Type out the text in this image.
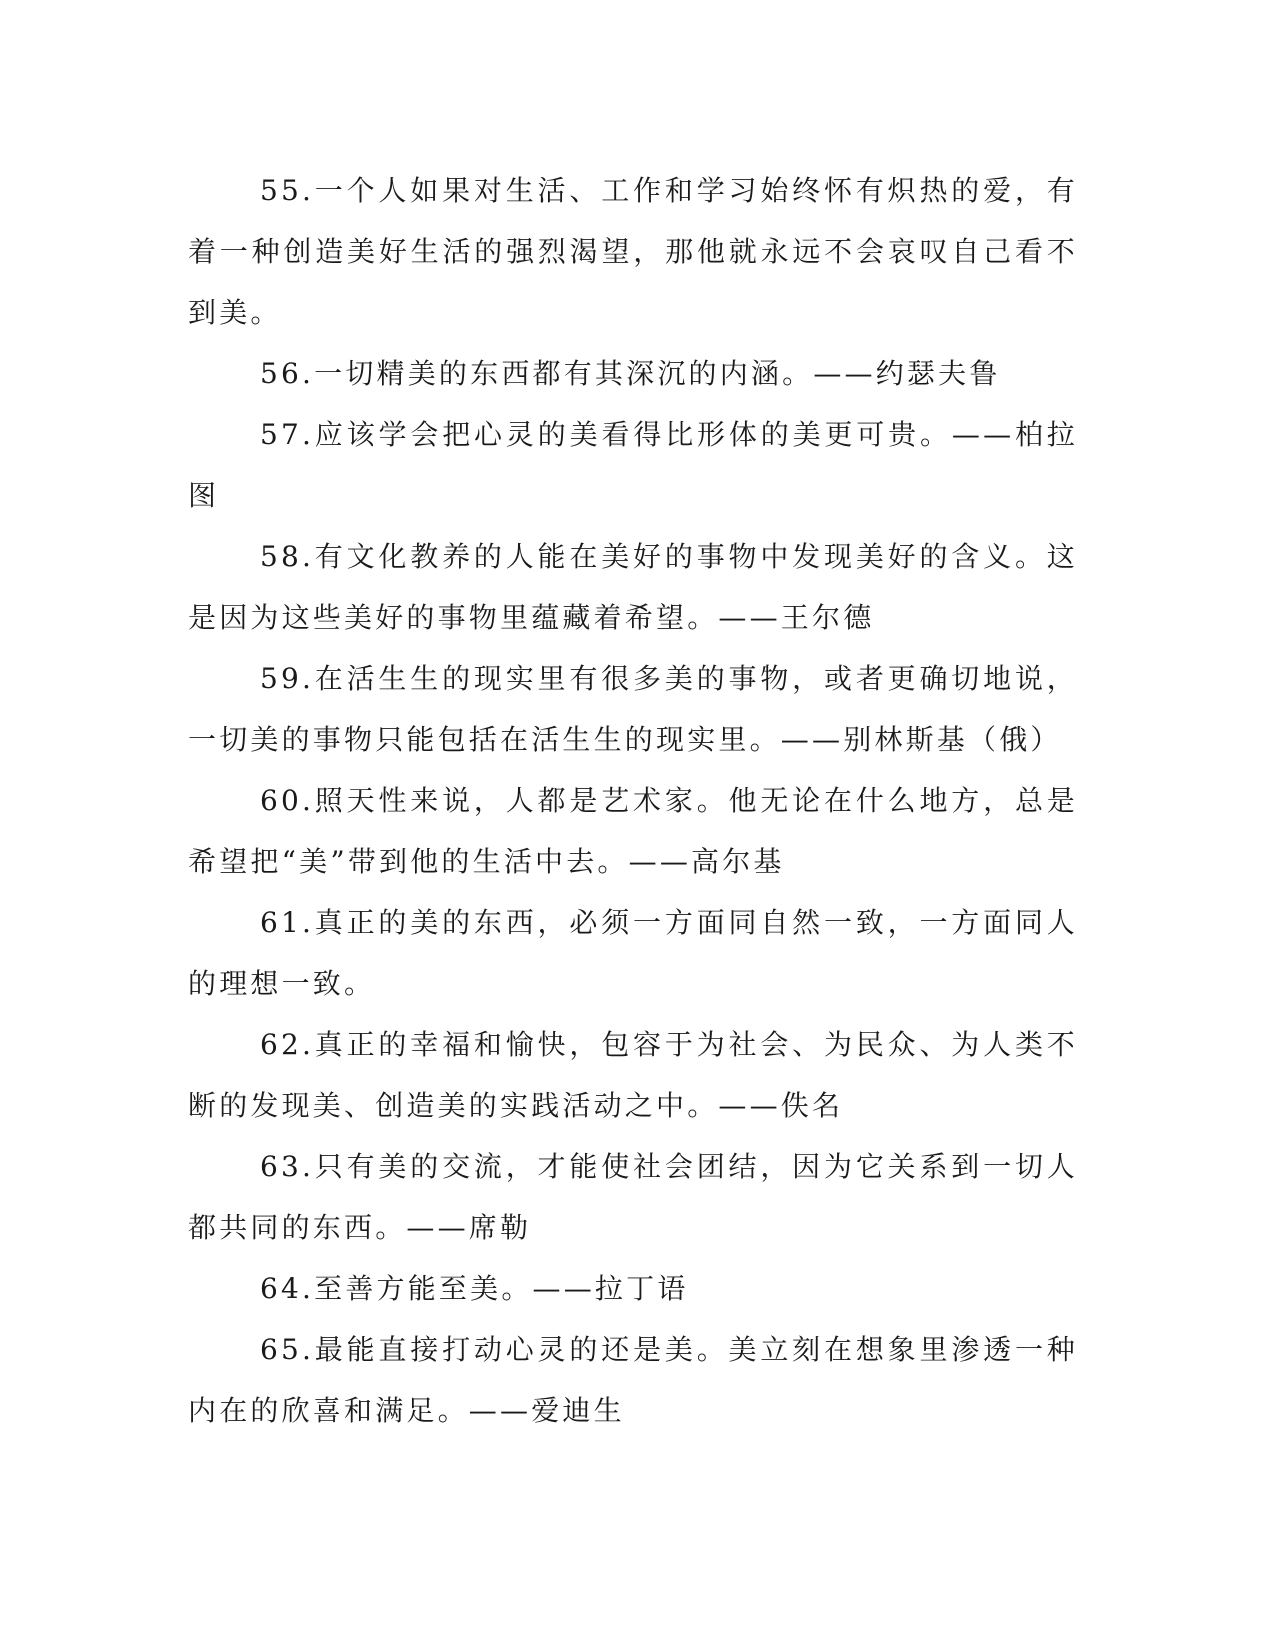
55.一个人如果对生活、工作和学习始终怀有炽热的爱，有着一种创造美好生活的强烈渴望，那他就永远不会哀叹自己看不到美。

56.一切精美的东西都有其深沉的内涵。——约瑟夫鲁

57.应该学会把心灵的美看得比形体的美更可贵。——柏拉图

58.有文化教养的人能在美好的事物中发现美好的含义。这是因为这些美好的事物里蕴藏着希望。——王尔德

59.在活生生的现实里有很多美的事物，或者更确切地说，一切美的事物只能包括在活生生的现实里。——别林斯基（俄）

60.照天性来说，人都是艺术家。他无论在什么地方，总是希望把“美”带到他的生活中去。——高尔基

61.真正的美的东西，必须一方面同自然一致，一方面同人的理想一致。

62.真正的幸福和愉快，包容于为社会、为民众、为人类不断的发现美、创造美的实践活动之中。——佚名

63.只有美的交流，才能使社会团结，因为它关系到一切人都共同的东西。——席勒

64.至善方能至美。——拉丁语

65.最能直接打动心灵的还是美。美立刻在想象里渗透一种内在的欣喜和满足。——爱迪生
